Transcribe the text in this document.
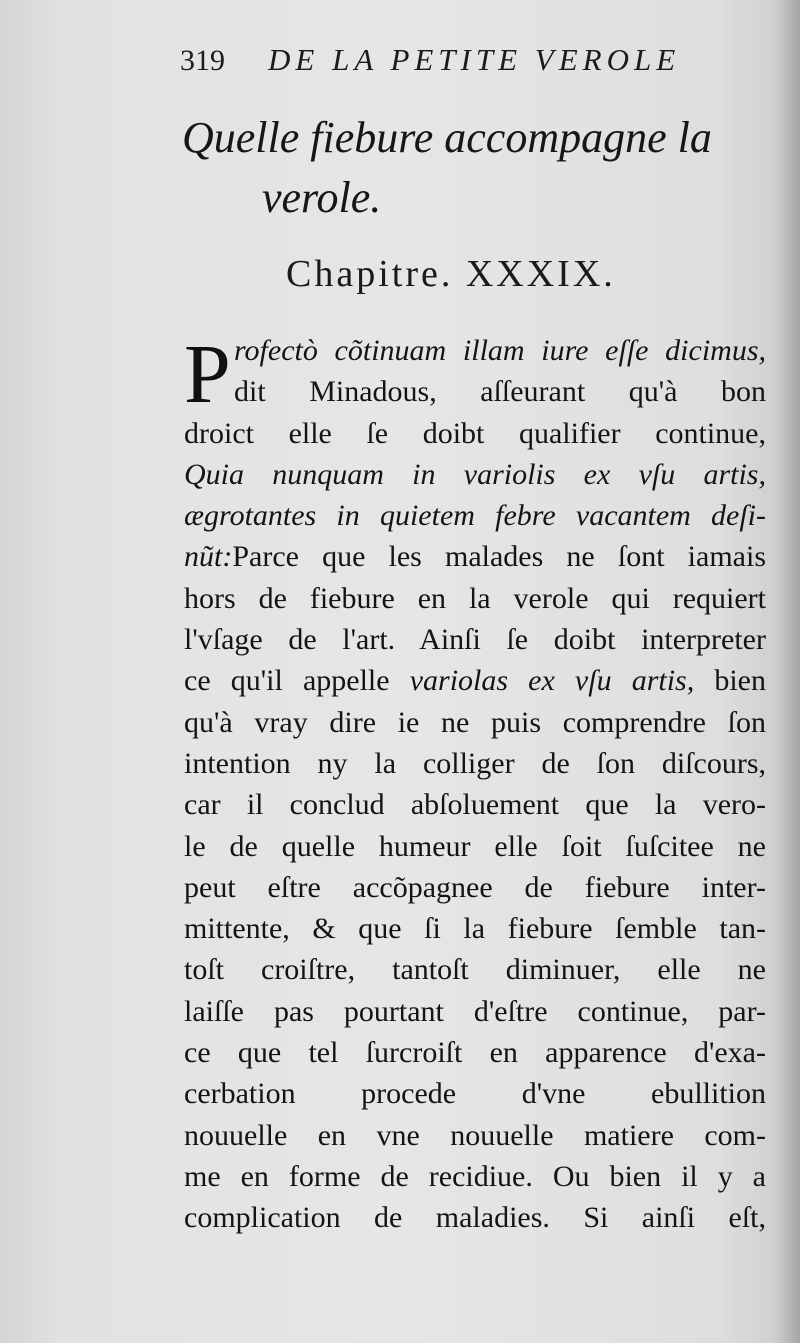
319 DE LA PETITE VEROLE
Quelle fiebure accompagne la
verole.
Chapitre. XXXIX.
P rofectò cõtinuam illam iure eſſe dicimus,
dit Minadous, aſſeurant qu'à bon
droict elle ſe doibt qualifier continue,
Quia nunquam in variolis ex vſu artis,
ægrotantes in quietem febre vacantem deſi-
nũt:Parce que les malades ne ſont iamais
hors de fiebure en la verole qui requiert
l'vſage de l'art. Ainſi ſe doibt interpreter
ce qu'il appelle variolas ex vſu artis, bien
qu'à vray dire ie ne puis comprendre ſon
intention ny la colliger de ſon diſcours,
car il conclud abſoluement que la vero-
le de quelle humeur elle ſoit ſuſcitee ne
peut eſtre accõpagnee de fiebure inter-
mittente, & que ſi la fiebure ſemble tan-
toſt croiſtre, tantoſt diminuer, elle ne
laiſſe pas pourtant d'eſtre continue, par-
ce que tel ſurcroiſt en apparence d'exa-
cerbation procede d'vne ebullition
nouuelle en vne nouuelle matiere com-
me en forme de recidiue. Ou bien il y a
complication de maladies. Si ainſi eſt,
